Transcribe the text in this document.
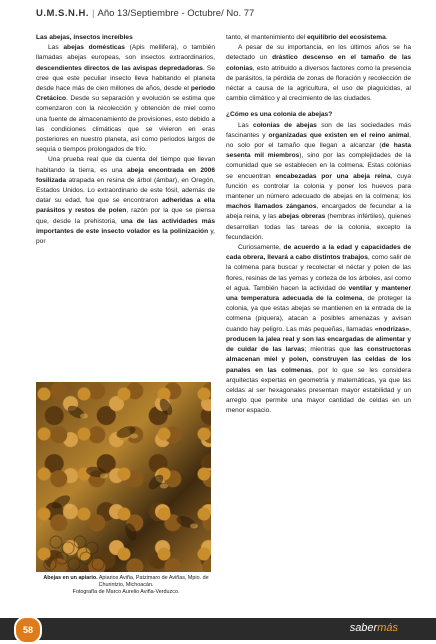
U.M.S.N.H. | Año 13/Septiembre - Octubre/ No. 77

Las abejas, insectos increíbles

Las abejas domésticas (Apis mellifera), o también llamadas abejas europeas, son insectos extraordinarios, descendientes directos de las avispas depredadoras. Se cree que este peculiar insecto lleva habitando el planeta desde hace más de cien millones de años, desde el periodo Cretácico. Desde su separación y evolución se estima que comenzaron con la recolección y obtención de miel como una fuente de almacenamiento de provisiones, esto debido a las condiciones climáticas que se vivieron en eras posteriores en nuestro planeta, así como periodos largos de sequía o tiempos prolongados de frío.

Una prueba real que da cuenta del tiempo que llevan habitando la tierra, es una abeja encontrada en 2006 fosilizada atrapada en resina de árbol (ámbar), en Oregón, Estados Unidos. Lo extraordinario de este fósil, además de datar su edad, fue que se encontraron adheridas a ella parásitos y restos de polen, razón por la que se piensa que, desde la prehistoria, una de las actividades más importantes de este insecto volador es la polinización y, por

tanto, el mantenimiento del equilibrio del ecosistema.

A pesar de su importancia, en los últimos años se ha detectado un drástico descenso en el tamaño de las colonias, esto atribuido a diversos factores como la presencia de parásitos, la pérdida de zonas de floración y recolección de néctar a causa de la agricultura, el uso de plaguicidas, al cambio climático y al crecimiento de las ciudades.

¿Cómo es una colonia de abejas?

Las colonias de abejas son de las sociedades más fascinantes y organizadas que existen en el reino animal, no solo por el tamaño que llegan a alcanzar (de hasta sesenta mil miembros), sino por las complejidades de la comunidad que se establecen en la colmena. Estas colonias se encuentran encabezadas por una abeja reina, cuya función es controlar la colonia y poner los huevos para mantener un número adecuado de abejas en la colmena; los machos llamados zánganos, encargados de fecundar a la abeja reina, y las abejas obreras (hembras infértiles), quienes desarrollan todas las tareas de la colonia, excepto la fecundación.

Curiosamente, de acuerdo a la edad y capacidades de cada obrera, llevará a cabo distintos trabajos, como salir de la colmena para buscar y recolectar el néctar y polen de las flores, resinas de las yemas y corteza de los árboles, así como el agua. También hacen la actividad de ventilar y mantener una temperatura adecuada de la colmena, de proteger la colonia, ya que estas abejas se mantienen en la entrada de la colmena (piquera), atacan a posibles amenazas y avisan cuando hay peligro. Las más pequeñas, llamadas «nodrizas», producen la jalea real y son las encargadas de alimentar y de cuidar de las larvas; mientras que las constructoras almacenan miel y polen, construyen las celdas de los panales en las colmenas, por lo que se les considera arquitectas expertas en geometría y matemáticas, ya que las celdas al ser hexagonales presentan mayor estabilidad y un arreglo que permite una mayor cantidad de celdas en un menor espacio.

Abejas en un apiario. Apiarios Aviña, Patzimaro de Aviñas, Mpio. de Churintzio, Michoacán.
Fotografía de Marco Aurelio Aviña-Verduzco.
58	sabermás
